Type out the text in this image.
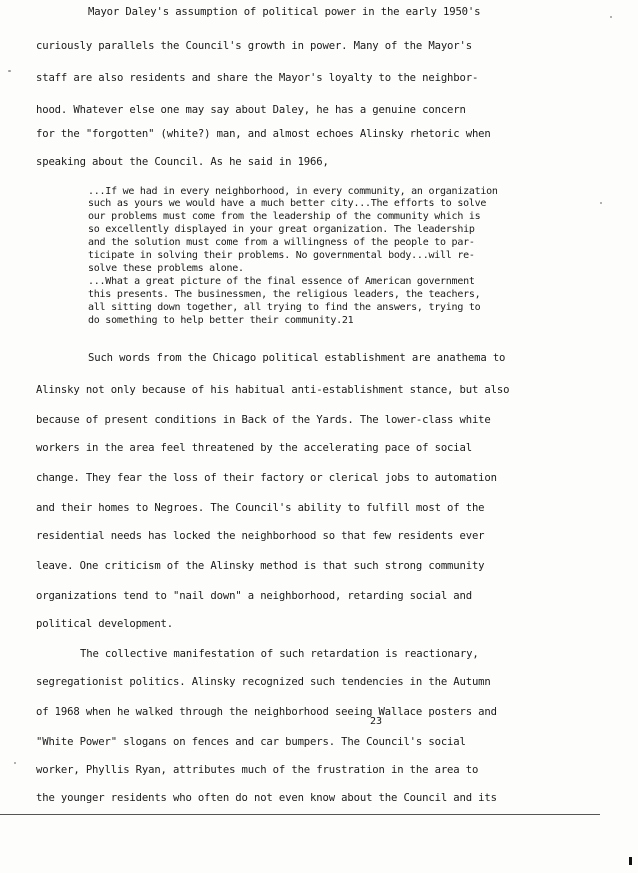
Mayor Daley's assumption of political power in the early 1950's
curiously parallels the Council's growth in power. Many of the Mayor's
staff are also residents and share the Mayor's loyalty to the neighbor-
hood. Whatever else one may say about Daley, he has a genuine concern
for the "forgotten" (white?) man, and almost echoes Alinsky rhetoric when
speaking about the Council. As he said in 1966,
...If we had in every neighborhood, in every community, an organization
such as yours we would have a much better city...The efforts to solve
our problems must come from the leadership of the community which is
so excellently displayed in your great organization. The leadership
and the solution must come from a willingness of the people to par-
ticipate in solving their problems. No governmental body...will re-
solve these problems alone.
...What a great picture of the final essence of American government
this presents. The businessmen, the religious leaders, the teachers,
all sitting down together, all trying to find the answers, trying to
do something to help better their community.21
Such words from the Chicago political establishment are anathema to
Alinsky not only because of his habitual anti-establishment stance, but also
because of present conditions in Back of the Yards. The lower-class white
workers in the area feel threatened by the accelerating pace of social
change. They fear the loss of their factory or clerical jobs to automation
and their homes to Negroes. The Council's ability to fulfill most of the
residential needs has locked the neighborhood so that few residents ever
leave. One criticism of the Alinsky method is that such strong community
organizations tend to "nail down" a neighborhood, retarding social and
political development.
The collective manifestation of such retardation is reactionary,
segregationist politics. Alinsky recognized such tendencies in the Autumn
of 1968 when he walked through the neighborhood seeing Wallace posters and
23
"White Power" slogans on fences and car bumpers. The Council's social
worker, Phyllis Ryan, attributes much of the frustration in the area to
the younger residents who often do not even know about the Council and its
